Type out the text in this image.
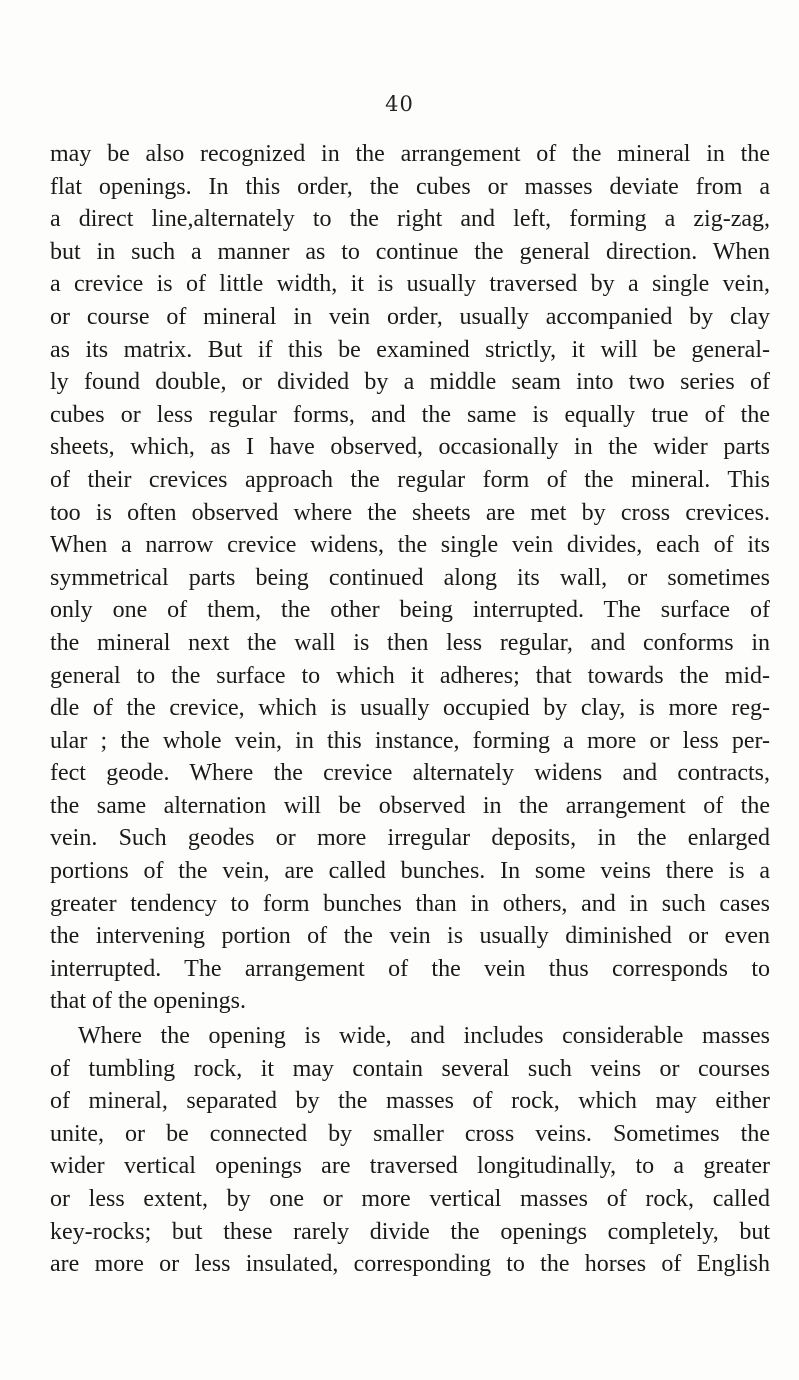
40
may be also recognized in the arrangement of the mineral in the
flat openings. In this order, the cubes or masses deviate from a
a direct line,alternately to the right and left, forming a zig-zag,
but in such a manner as to continue the general direction. When
a crevice is of little width, it is usually traversed by a single vein,
or course of mineral in vein order, usually accompanied by clay
as its matrix. But if this be examined strictly, it will be general-
ly found double, or divided by a middle seam into two series of
cubes or less regular forms, and the same is equally true of the
sheets, which, as I have observed, occasionally in the wider parts
of their crevices approach the regular form of the mineral. This
too is often observed where the sheets are met by cross crevices.
When a narrow crevice widens, the single vein divides, each of its
symmetrical parts being continued along its wall, or sometimes
only one of them, the other being interrupted. The surface of
the mineral next the wall is then less regular, and conforms in
general to the surface to which it adheres; that towards the mid-
dle of the crevice, which is usually occupied by clay, is more reg-
ular ; the whole vein, in this instance, forming a more or less per-
fect geode. Where the crevice alternately widens and contracts,
the same alternation will be observed in the arrangement of the
vein. Such geodes or more irregular deposits, in the enlarged
portions of the vein, are called bunches. In some veins there is a
greater tendency to form bunches than in others, and in such cases
the intervening portion of the vein is usually diminished or even
interrupted. The arrangement of the vein thus corresponds to
that of the openings.
Where the opening is wide, and includes considerable masses
of tumbling rock, it may contain several such veins or courses
of mineral, separated by the masses of rock, which may either
unite, or be connected by smaller cross veins. Sometimes the
wider vertical openings are traversed longitudinally, to a greater
or less extent, by one or more vertical masses of rock, called
key-rocks; but these rarely divide the openings completely, but
are more or less insulated, corresponding to the horses of English
